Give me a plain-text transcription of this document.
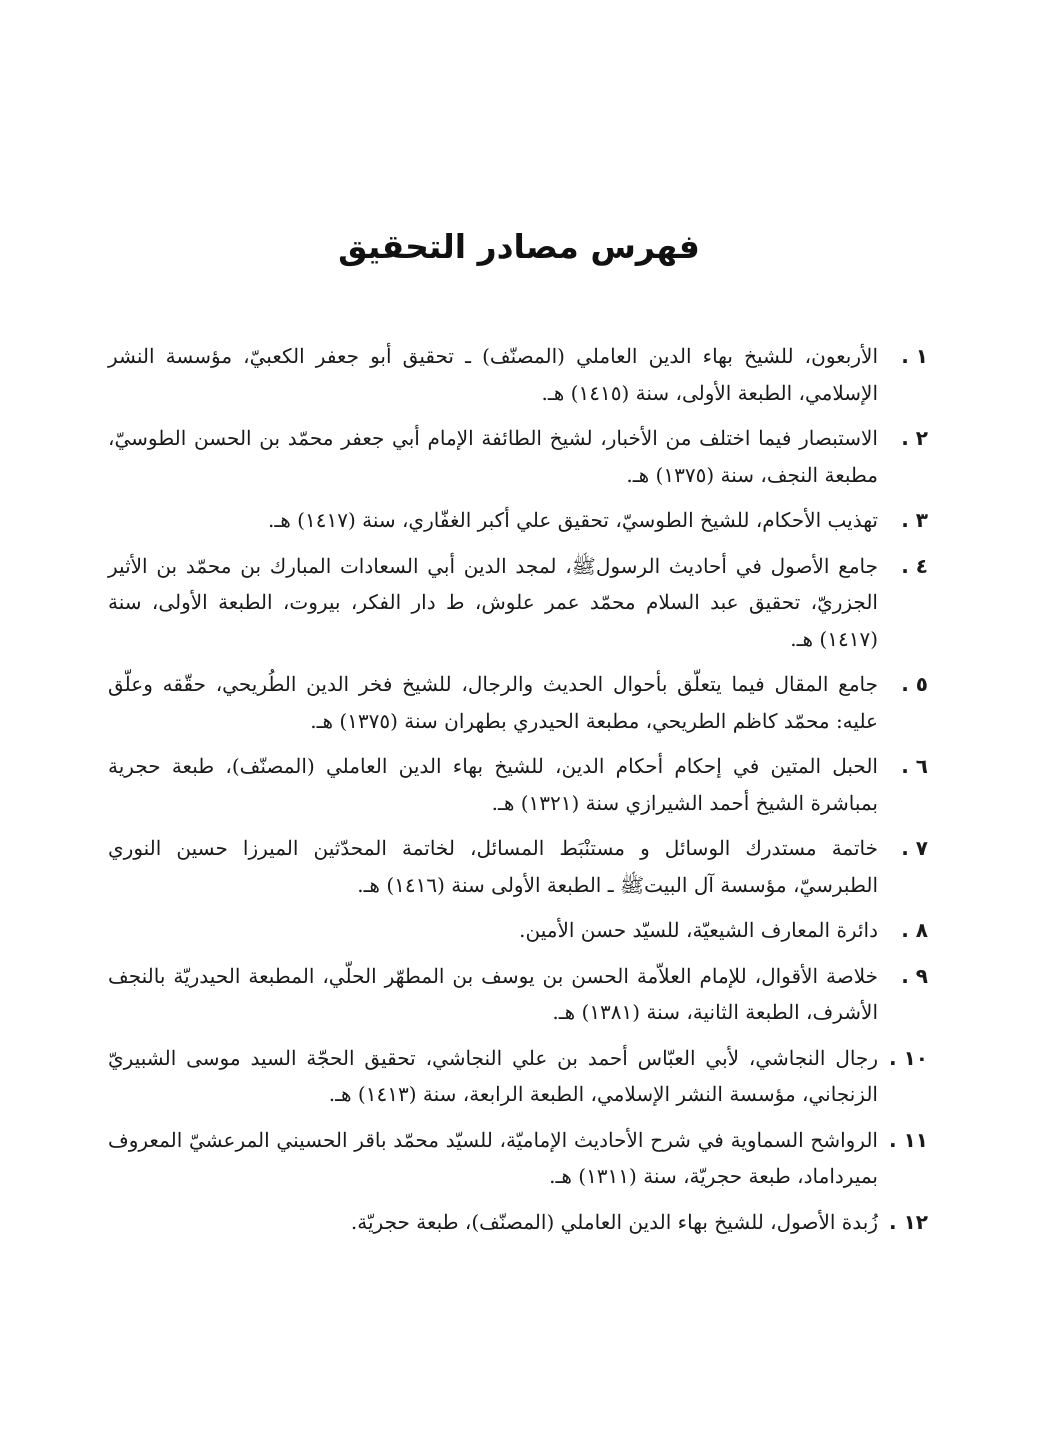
فهرس مصادر التحقيق
١ .
الأربعون، للشيخ بهاء الدين العاملي (المصنّف) ـ تحقيق أبو جعفر الكعبيّ، مؤسسة النشر الإسلامي، الطبعة الأولى، سنة (١٤١٥) هـ.
٢ .
الاستبصار فيما اختلف من الأخبار، لشيخ الطائفة الإمام أبي جعفر محمّد بن الحسن الطوسيّ، مطبعة النجف، سنة (١٣٧٥) هـ.
٣ .
تهذيب الأحكام، للشيخ الطوسيّ، تحقيق علي أكبر الغفّاري، سنة (١٤١٧) هـ.
٤ .
جامع الأصول في أحاديث الرسولﷺ، لمجد الدين أبي السعادات المبارك بن محمّد بن الأثير الجزريّ، تحقيق عبد السلام محمّد عمر علوش، ط دار الفكر، بيروت، الطبعة الأولى، سنة (١٤١٧) هـ.
٥ .
جامع المقال فيما يتعلّق بأحوال الحديث والرجال، للشيخ فخر الدين الطُريحي، حقّقه وعلّق عليه: محمّد كاظم الطريحي، مطبعة الحيدري بطهران سنة (١٣٧٥) هـ.
٦ .
الحبل المتين في إحكام أحكام الدين، للشيخ بهاء الدين العاملي (المصنّف)، طبعة حجرية بمباشرة الشيخ أحمد الشيرازي سنة (١٣٢١) هـ.
٧ .
خاتمة مستدرك الوسائل و مستنْبَط المسائل، لخاتمة المحدّثين الميرزا حسين النوري الطبرسيّ، مؤسسة آل البيتﷺ ـ الطبعة الأولى سنة (١٤١٦) هـ.
٨ .
دائرة المعارف الشيعيّة، للسيّد حسن الأمين.
٩ .
خلاصة الأقوال، للإمام العلاّمة الحسن بن يوسف بن المطهّر الحلّي، المطبعة الحيدريّة بالنجف الأشرف، الطبعة الثانية، سنة (١٣٨١) هـ.
١٠ .
رجال النجاشي، لأبي العبّاس أحمد بن علي النجاشي، تحقيق الحجّة السيد موسى الشبيريّ الزنجاني، مؤسسة النشر الإسلامي، الطبعة الرابعة، سنة (١٤١٣) هـ.
١١ .
الرواشح السماوية في شرح الأحاديث الإماميّة، للسيّد محمّد باقر الحسيني المرعشيّ المعروف بميرداماد، طبعة حجريّة، سنة (١٣١١) هـ.
١٢ .
زُبدة الأصول، للشيخ بهاء الدين العاملي (المصنّف)، طبعة حجريّة.
